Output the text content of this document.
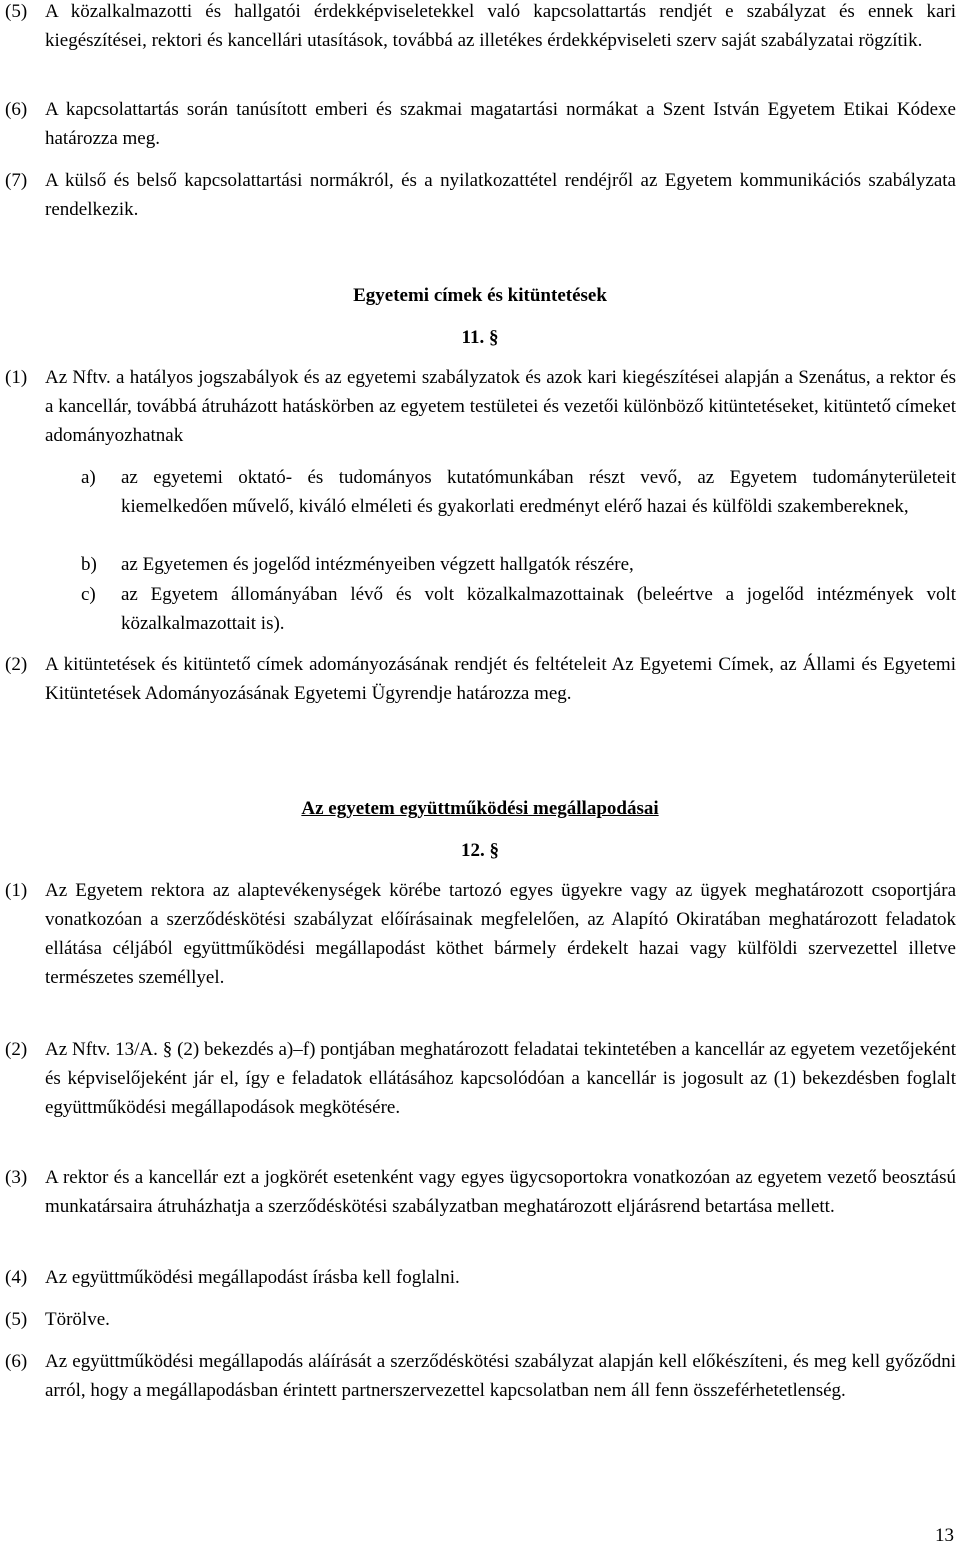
(5) A közalkalmazotti és hallgatói érdekképviseletekkel való kapcsolattartás rendjét e szabályzat és ennek kari kiegészítései, rektori és kancellári utasítások, továbbá az illetékes érdekképviseleti szerv saját szabályzatai rögzítik.
(6) A kapcsolattartás során tanúsított emberi és szakmai magatartási normákat a Szent István Egyetem Etikai Kódexe határozza meg.
(7) A külső és belső kapcsolattartási normákról, és a nyilatkozattétel rendéjről az Egyetem kommunikációs szabályzata rendelkezik.
Egyetemi címek és kitüntetések
11. §
(1) Az Nftv. a hatályos jogszabályok és az egyetemi szabályzatok és azok kari kiegészítései alapján a Szenátus, a rektor és a kancellár, továbbá átruházott hatáskörben az egyetem testületei és vezetői különböző kitüntetéseket, kitüntető címeket adományozhatnak
a) az egyetemi oktató- és tudományos kutatómunkában részt vevő, az Egyetem tudományterületeit kiemelkedően művelő, kiváló elméleti és gyakorlati eredményt elérő hazai és külföldi szakembereknek,
b) az Egyetemen és jogelőd intézményeiben végzett hallgatók részére,
c) az Egyetem állományában lévő és volt közalkalmazottainak (beleértve a jogelőd intézmények volt közalkalmazottait is).
(2) A kitüntetések és kitüntető címek adományozásának rendjét és feltételeit Az Egyetemi Címek, az Állami és Egyetemi Kitüntetések Adományozásának Egyetemi Ügyrendje határozza meg.
Az egyetem együttműködési megállapodásai
12. §
(1) Az Egyetem rektora az alaptevékenységek körébe tartozó egyes ügyekre vagy az ügyek meghatározott csoportjára vonatkozóan a szerződéskötési szabályzat előírásainak megfelelően, az Alapító Okiratában meghatározott feladatok ellátása céljából együttműködési megállapodást köthet bármely érdekelt hazai vagy külföldi szervezettel illetve természetes személlyel.
(2) Az Nftv. 13/A. § (2) bekezdés a)–f) pontjában meghatározott feladatai tekintetében a kancellár az egyetem vezetőjeként és képviselőjeként jár el, így e feladatok ellátásához kapcsolódóan a kancellár is jogosult az (1) bekezdésben foglalt együttműködési megállapodások megkötésére.
(3) A rektor és a kancellár ezt a jogkörét esetenként vagy egyes ügycsoportokra vonatkozóan az egyetem vezető beosztású munkatársaira átruházhatja a szerződéskötési szabályzatban meghatározott eljárásrend betartása mellett.
(4) Az együttműködési megállapodást írásba kell foglalni.
(5) Törölve.
(6) Az együttműködési megállapodás aláírását a szerződéskötési szabályzat alapján kell előkészíteni, és meg kell győződni arról, hogy a megállapodásban érintett partnerszervezettel kapcsolatban nem áll fenn összeférhetetlenség.
13
